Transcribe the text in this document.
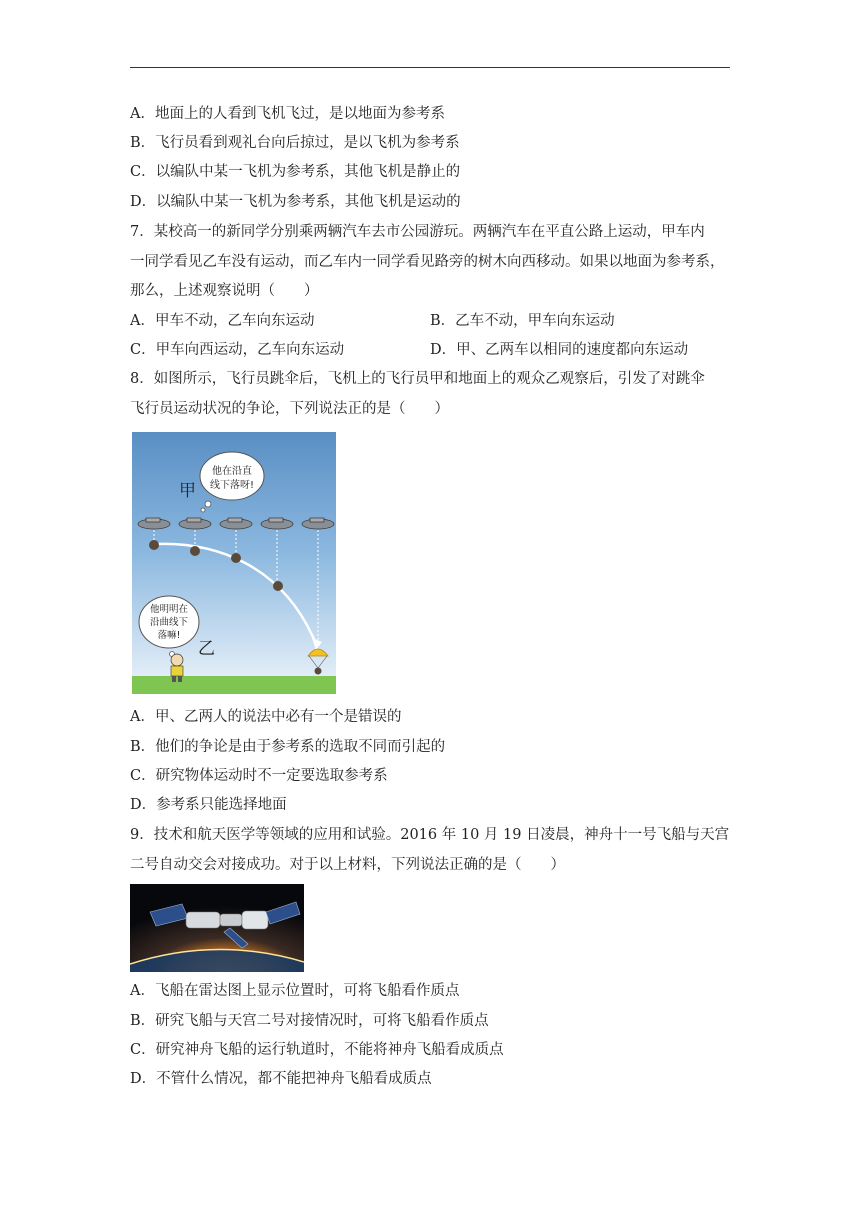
A．地面上的人看到飞机飞过，是以地面为参考系
B．飞行员看到观礼台向后掠过，是以飞机为参考系
C．以编队中某一飞机为参考系，其他飞机是静止的
D．以编队中某一飞机为参考系，其他飞机是运动的
7．某校高一的新同学分别乘两辆汽车去市公园游玩。两辆汽车在平直公路上运动，甲车内
一同学看见乙车没有运动，而乙车内一同学看见路旁的树木向西移动。如果以地面为参考系，
那么，上述观察说明（　　）
A．甲车不动，乙车向东运动	B．乙车不动，甲车向东运动
C．甲车向西运动，乙车向东运动	D．甲、乙两车以相同的速度都向东运动
8．如图所示，飞行员跳伞后，飞机上的飞行员甲和地面上的观众乙观察后，引发了对跳伞
飞行员运动状况的争论，下列说法正的是（　　）
他在沿直
线下落呀!
甲
他明明在
沿曲线下
落嘛!
乙
A．甲、乙两人的说法中必有一个是错误的
B．他们的争论是由于参考系的选取不同而引起的
C．研究物体运动时不一定要选取参考系
D．参考系只能选择地面
9．技术和航天医学等领域的应用和试验。2016 年 10 月 19 日凌晨，神舟十一号飞船与天宫
二号自动交会对接成功。对于以上材料，下列说法正确的是（　　）
A．飞船在雷达图上显示位置时，可将飞船看作质点
B．研究飞船与天宫二号对接情况时，可将飞船看作质点
C．研究神舟飞船的运行轨道时，不能将神舟飞船看成质点
D．不管什么情况，都不能把神舟飞船看成质点
